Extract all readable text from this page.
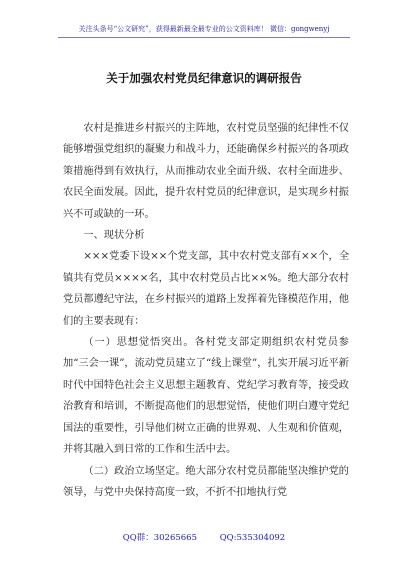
关注头条号“公文研究”，获得最新最全最专业的公文资料库！ 微信：gongwenyj
关于加强农村党员纪律意识的调研报告

农村是推进乡村振兴的主阵地，农村党员坚强的纪律性不仅能够增强党组织的凝聚力和战斗力，还能确保乡村振兴的各项政策措施得到有效执行，从而推动农业全面升级、农村全面进步、农民全面发展。因此，提升农村党员的纪律意识，是实现乡村振兴不可或缺的一环。

一、现状分析

×××党委下设××个党支部，其中农村党支部有××个，全镇共有党员××××名，其中农村党员占比××%。绝大部分农村党员都遵纪守法，在乡村振兴的道路上发挥着先锋模范作用，他们的主要表现有：

（一）思想觉悟突出。各村党支部定期组织农村党员参加“三会一课”，流动党员建立了“线上课堂”，扎实开展习近平新时代中国特色社会主义思想主题教育、党纪学习教育等，接受政治教育和培训，不断提高他们的思想觉悟，使他们明白遵守党纪国法的重要性，引导他们树立正确的世界观、人生观和价值观，并将其融入到日常的工作和生活中去。

（二）政治立场坚定。绝大部分农村党员都能坚决维护党的领导，与党中央保持高度一致，不折不扣地执行党

QQ群：30265665	QQ:535304092
